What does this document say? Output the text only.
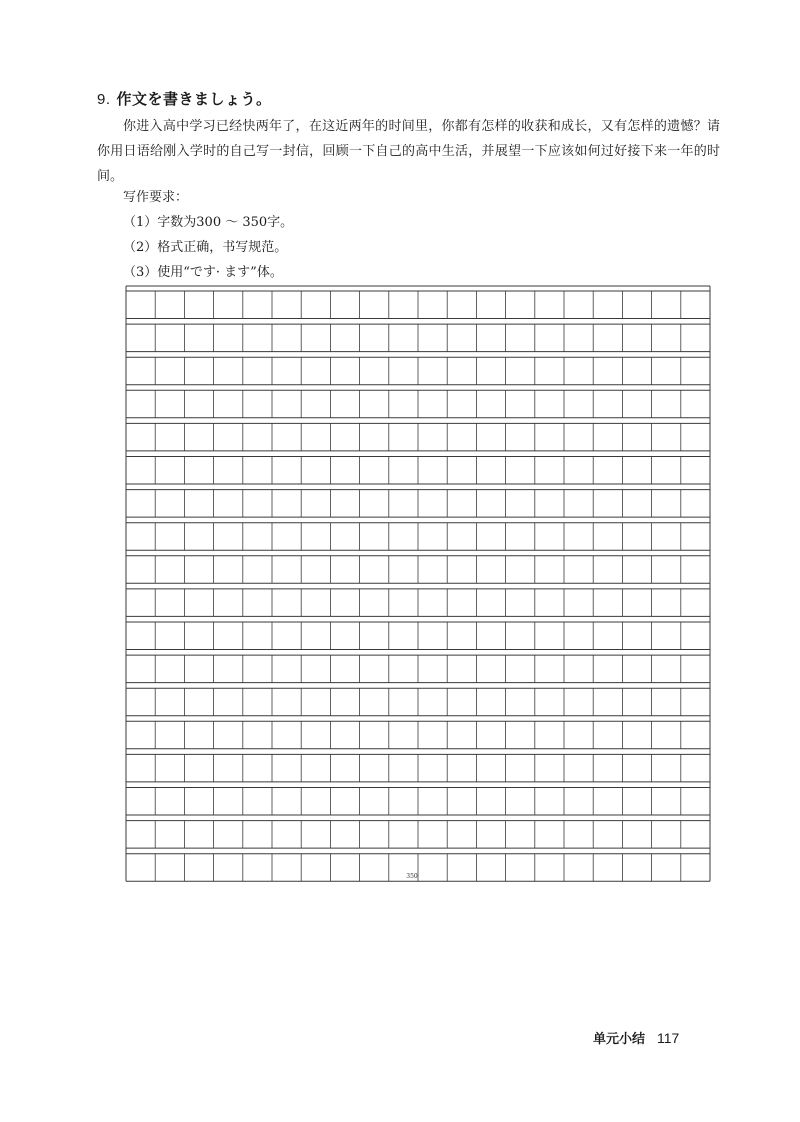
9. 作文を書きましょう。
你进入高中学习已经快两年了，在这近两年的时间里，你都有怎样的收获和成长，又有怎样的遗憾？请你用日语给刚入学时的自己写一封信，回顾一下自己的高中生活，并展望一下应该如何过好接下来一年的时间。
写作要求：
（1）字数为300 ～ 350字。
（2）格式正确，书写规范。
（3）使用“です· ます”体。
350
单元小结 117
